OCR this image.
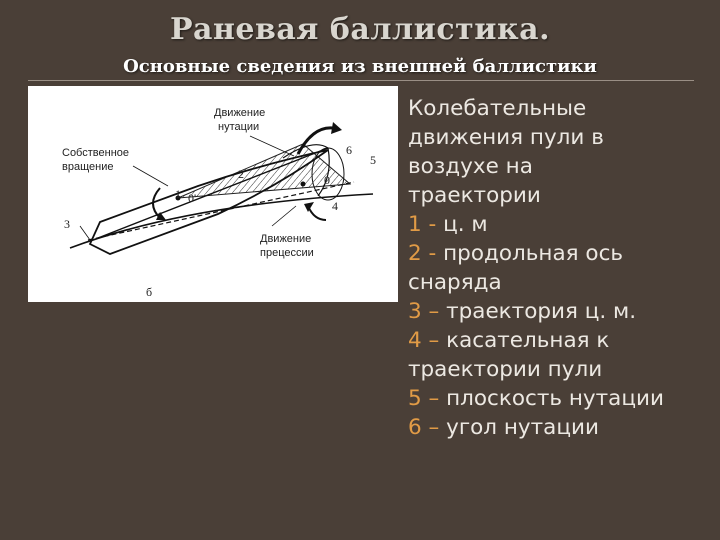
Раневая баллистика.
Основные сведения из внешней баллистики
Собственное
вращение
Движение
нутации
Движение
прецессии
1 0'
2
3
4
5
6
0
б
Колебательные
движения пули в
воздухе на
траектории
1 - ц. м
2 - продольная ось
снаряда
3 – траектория ц. м.
4 – касательная к
траектории пули
5 – плоскость нутации
6 – угол нутации
